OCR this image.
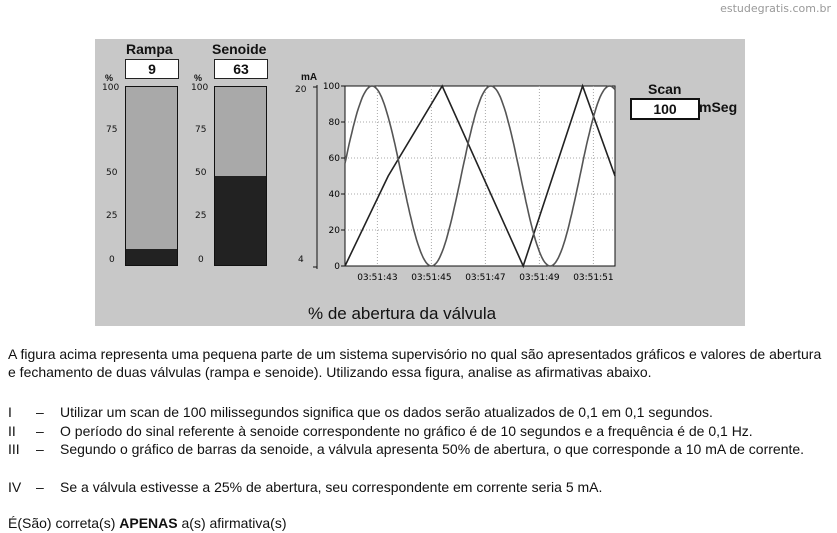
estudegratis.com.br
Rampa
9
%
100
75
50
25
0
Senoide
63
%
100
75
50
25
0
mA
20
4
100
80
60
40
20
0
03:51:43 03:51:45 03:51:47 03:51:49 03:51:51
Scan
100	mSeg
% de abertura da válvula
A figura acima representa uma pequena parte de um sistema supervisório no qual são apresentados gráficos e valores de abertura e fechamento de duas válvulas (rampa e senoide). Utilizando essa figura, analise as afirmativas abaixo.
I – Utilizar um scan de 100 milissegundos significa que os dados serão atualizados de 0,1 em 0,1 segundos.
II – O período do sinal referente à senoide correspondente no gráfico é de 10 segundos e a frequência é de 0,1 Hz.
III – Segundo o gráfico de barras da senoide, a válvula apresenta 50% de abertura, o que corresponde a 10 mA de corrente.
IV – Se a válvula estivesse a 25% de abertura, seu correspondente em corrente seria 5 mA.
É(São) correta(s) APENAS a(s) afirmativa(s)
